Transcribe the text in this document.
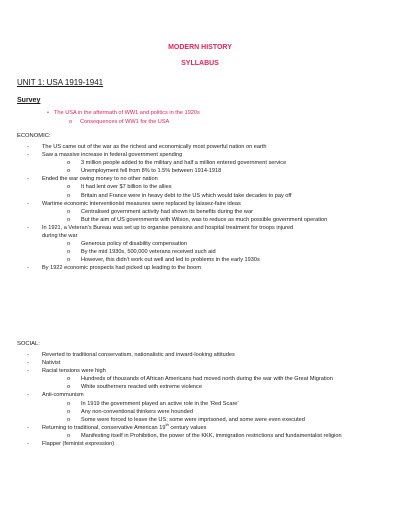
MODERN HISTORY
SYLLABUS
UNIT 1: USA 1919-1941
Survey
• The USA in the aftermath of WW1 and politics in the 1920s
o Consequences of WW1 for the USA
ECONOMIC:
- The US came out of the war as the richest and economically most powerful nation on earth
- Saw a massive increase in federal government spending
o 3 million people added to the military and half a million entered government service
o Unemployment fell from 8% to 1.5% between 1914-1918
- Ended the war owing money to no other nation
o It had lent over $7 billion to the allies
o Britain and France were in heavy debt to the US which would take decades to pay off
- Wartime economic interventionist measures were replaced by laissez-faire ideas
o Centralised government activity had shown its benefits during the war
o But the aim of US governments with Wilson, was to reduce as much possible government operation
- In 1921, a Veteran’s Bureau was set up to organise pensions and hospital treatment for troops injured
during the war
o Generous policy of disability compensation
o By the mid 1930s, 500,000 veterans received such aid
o However, this didn’t work out well and led to problems in the early 1930s
- By 1922 economic prospects had picked up leading to the boom
SOCIAL:
- Reverted to traditional conservatism, nationalistic and inward-looking attitudes
- Nativist
- Racial tensions were high
o Hundreds of thousands of African Americans had moved north during the war with the Great Migration
o White southerners reacted with extreme violence
- Anti-communism
o In 1919 the government played an active role in the ‘Red Scare’
o Any non-conventional thinkers were hounded
o Some were forced to leave the US; some were imprisoned, and some were even executed
- Returning to traditional, conservative American 19th century values
o Manifesting itself in Prohibition, the power of the KKK, immigration restrictions and fundamentalist religion
- Flapper (feminist expression)
